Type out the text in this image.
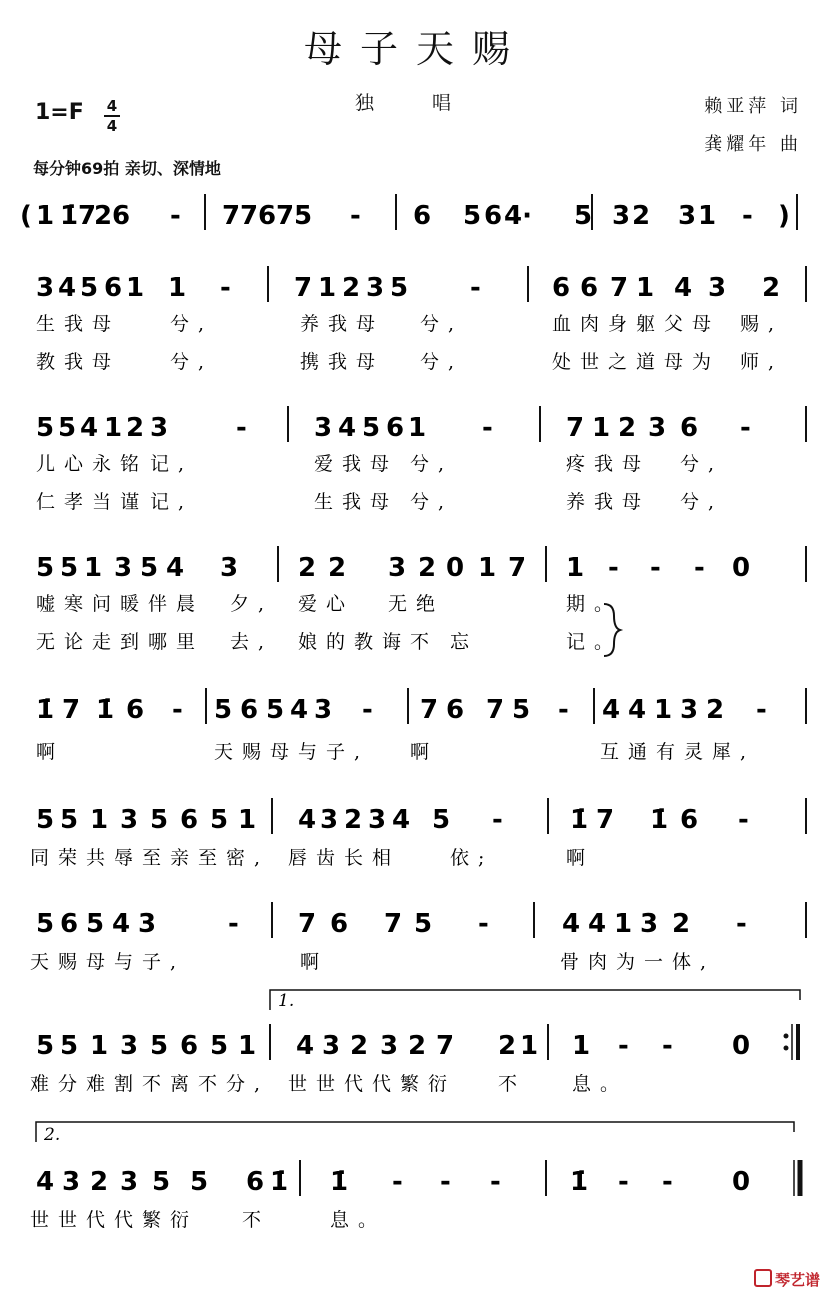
母子天赐
独 唱
1=F 4
4
赖亚萍 词
龚耀年 曲
每分钟69拍 亲切、深情地
( 1 1̇ 7
2 6 - 7 7 6 7 5 - 6 5 6 4· 5 3 2 3 1 - )
3 4 5 6 1 1 - 7 1 2 3 5 -	6 6 7 1 4 3 2
5 5 4 1 2 3	-	3 4 5 6 1 -	7 1 2 3 6 -
5 5 1 3 5 4 3 2 2 3 2 0 1 7 1 - - - 0
1̇ 7 1̇ 6 - 5 6 5 4 3 - 7 6 7 5 - 4 4 1 3 2 -
5 5 1 3 5 6 5 1 4 3 2 3 4 5 -	1̇ 7 1̇ 6 -
5 6 5 4 3	- 7 6 7 5 -	4 4 1 3 2 -
5 5 1 3 5 6 5 1 4 3 2 3 2 7 2 1 1 - - 0
4 3 2 3 5 5 6 1̇ 1̇ - - -	1̇ - - 0
1.
2.
生我母	兮,	养我母 兮,	血肉身躯父母 赐,
教我母	兮,	携我母 兮,	处世之道母为 师,
儿心永铭 记,	爱我母 兮,	疼我母 兮,
仁孝当谨 记,	生我母 兮,	养我母 兮,
嘘寒问暖伴晨 夕, 爱心 无绝	期。
无论走到哪里 去, 娘的教诲不 忘	记。
啊	天赐母与子, 啊	互通有灵犀,
同荣共辱至亲至密, 唇齿长相	依;	啊
天赐母与子,	啊	骨肉为一体,
难分难割不离不分, 世世代代繁衍 不 息。
世世代代繁衍 不	息。
琴艺谱
